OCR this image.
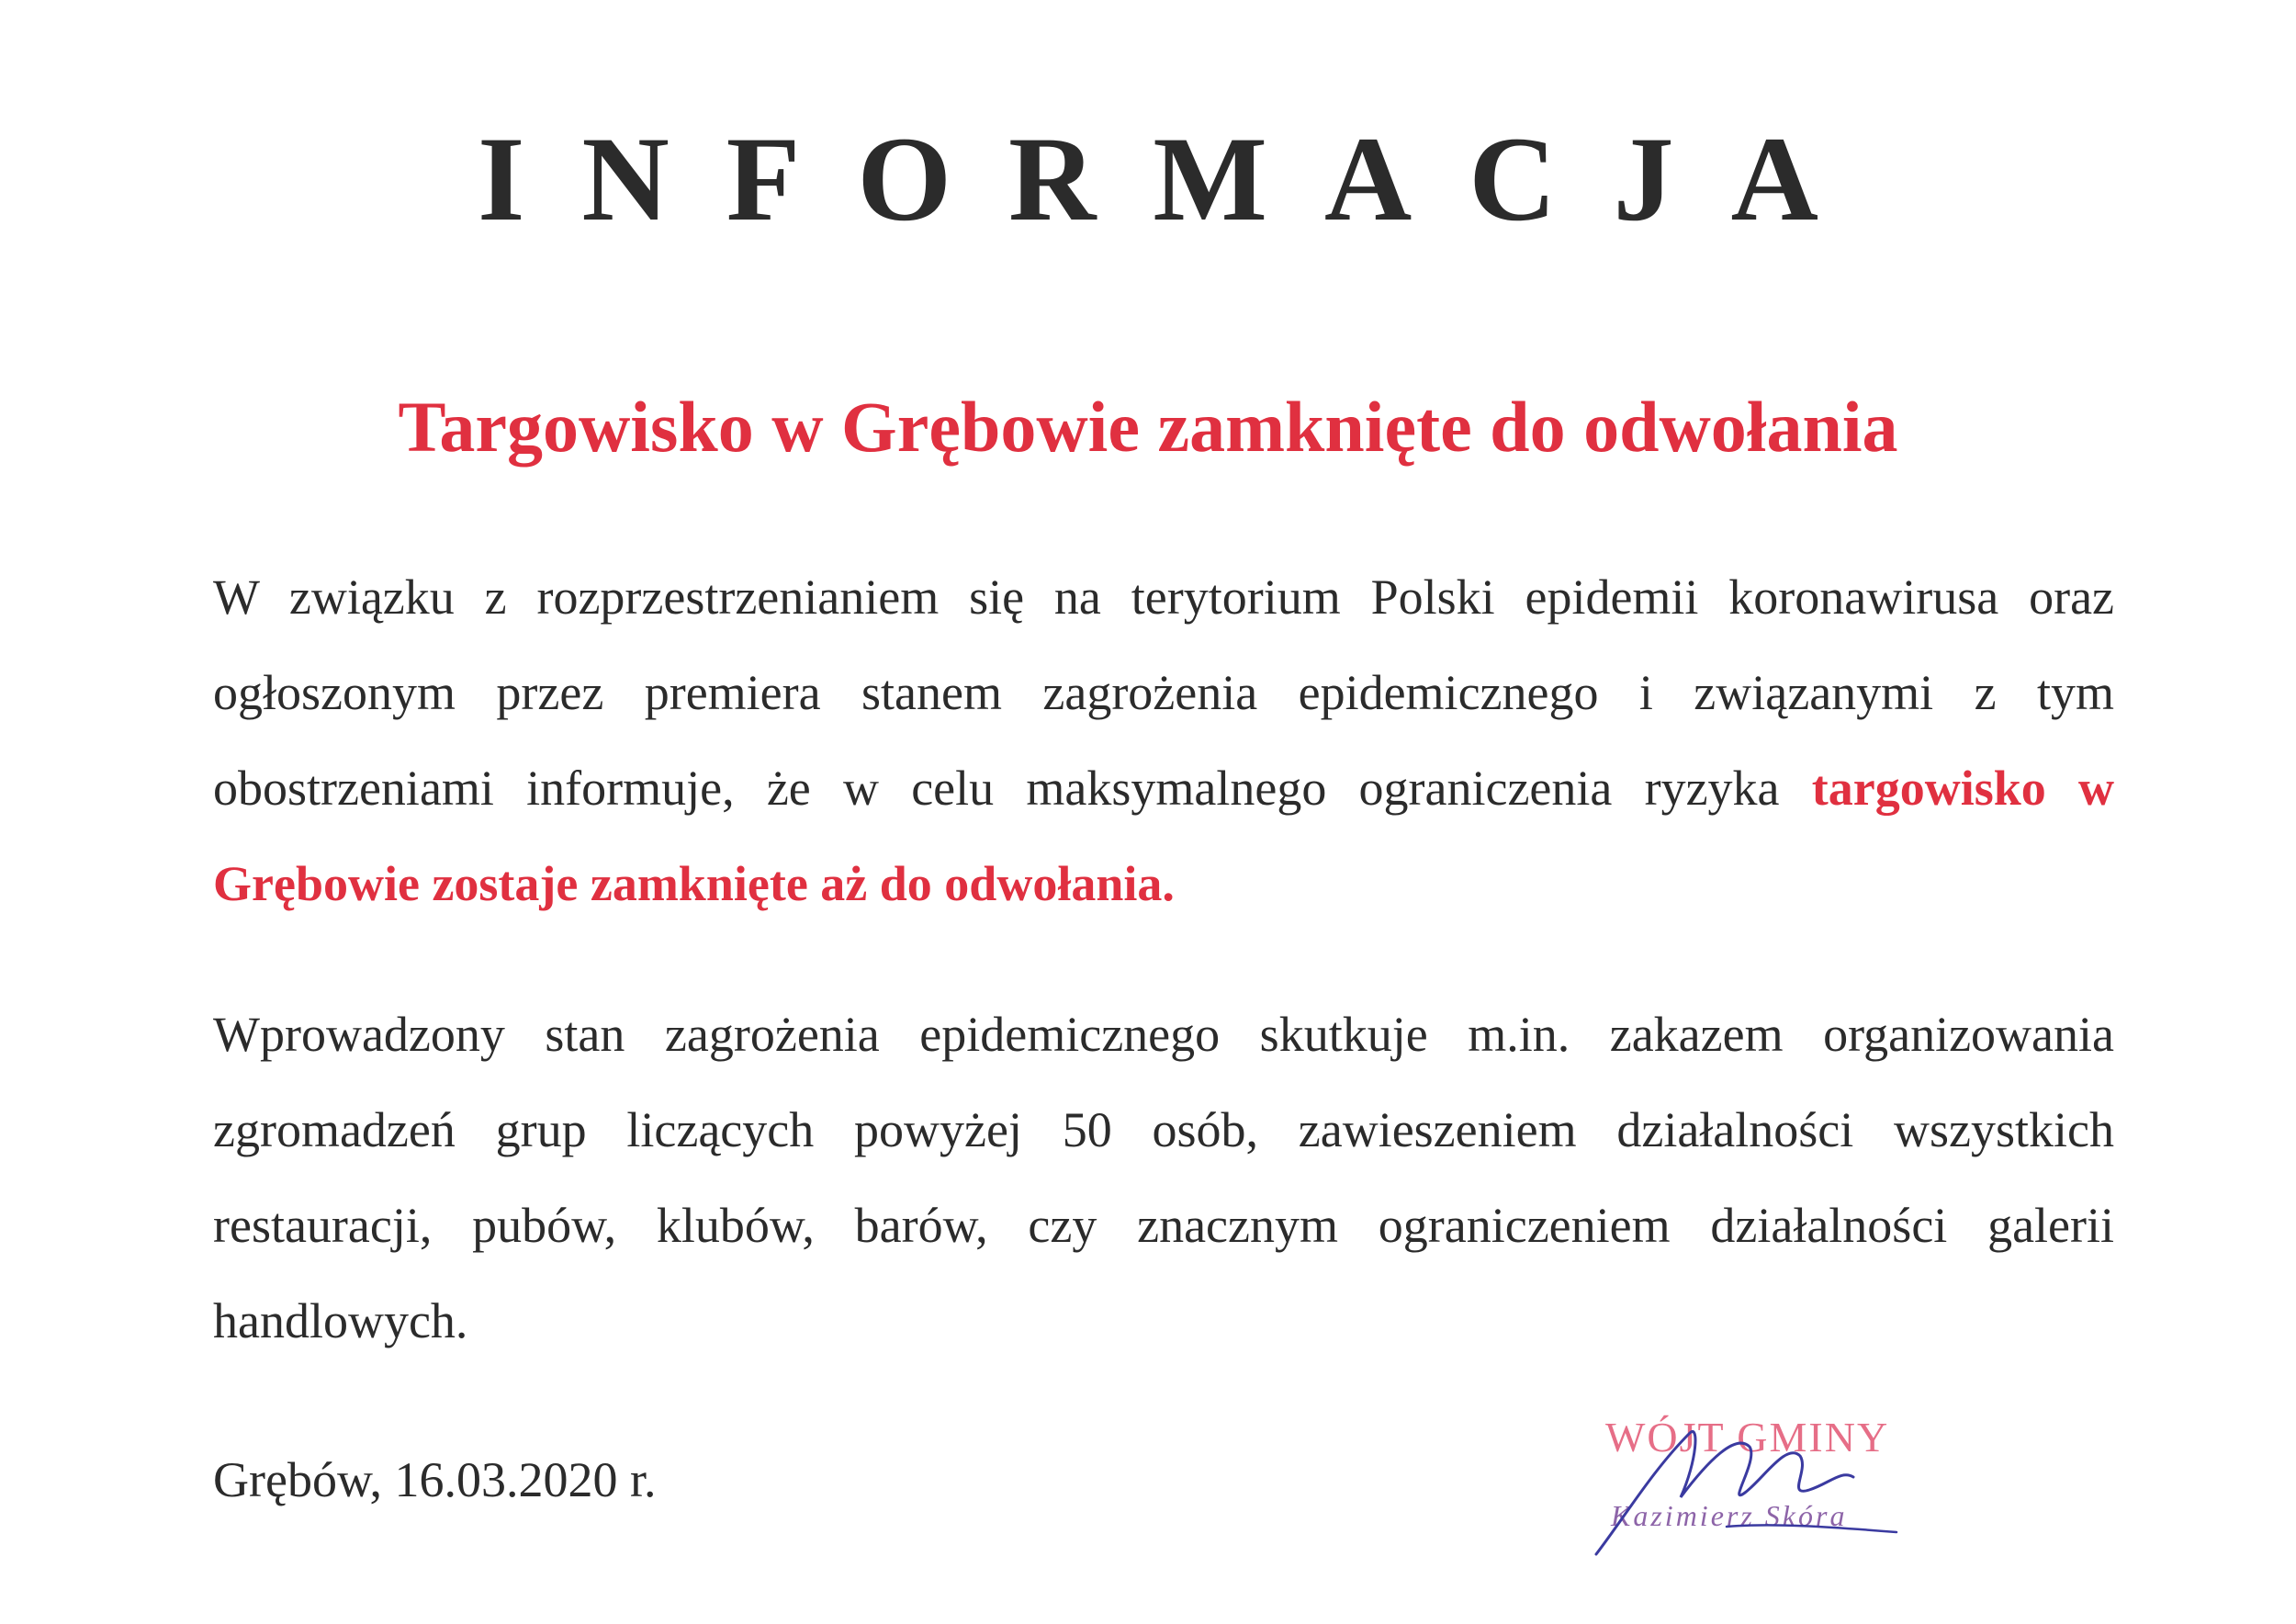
INFORMACJA
Targowisko w Grębowie zamknięte do odwołania
W związku z rozprzestrzenianiem się na terytorium Polski epidemii koronawirusa oraz ogłoszonym przez premiera stanem zagrożenia epidemicznego i związanymi z tym obostrzeniami informuje, że w celu maksymalnego ograniczenia ryzyka targowisko w Grębowie zostaje zamknięte aż do odwołania.
Wprowadzony stan zagrożenia epidemicznego skutkuje m.in. zakazem organizowania zgromadzeń grup liczących powyżej 50 osób, zawieszeniem działalności wszystkich restauracji, pubów, klubów, barów, czy znacznym ograniczeniem działalności galerii handlowych.
Grębów, 16.03.2020 r.
WÓJT GMINY
Kazimierz Skóra
